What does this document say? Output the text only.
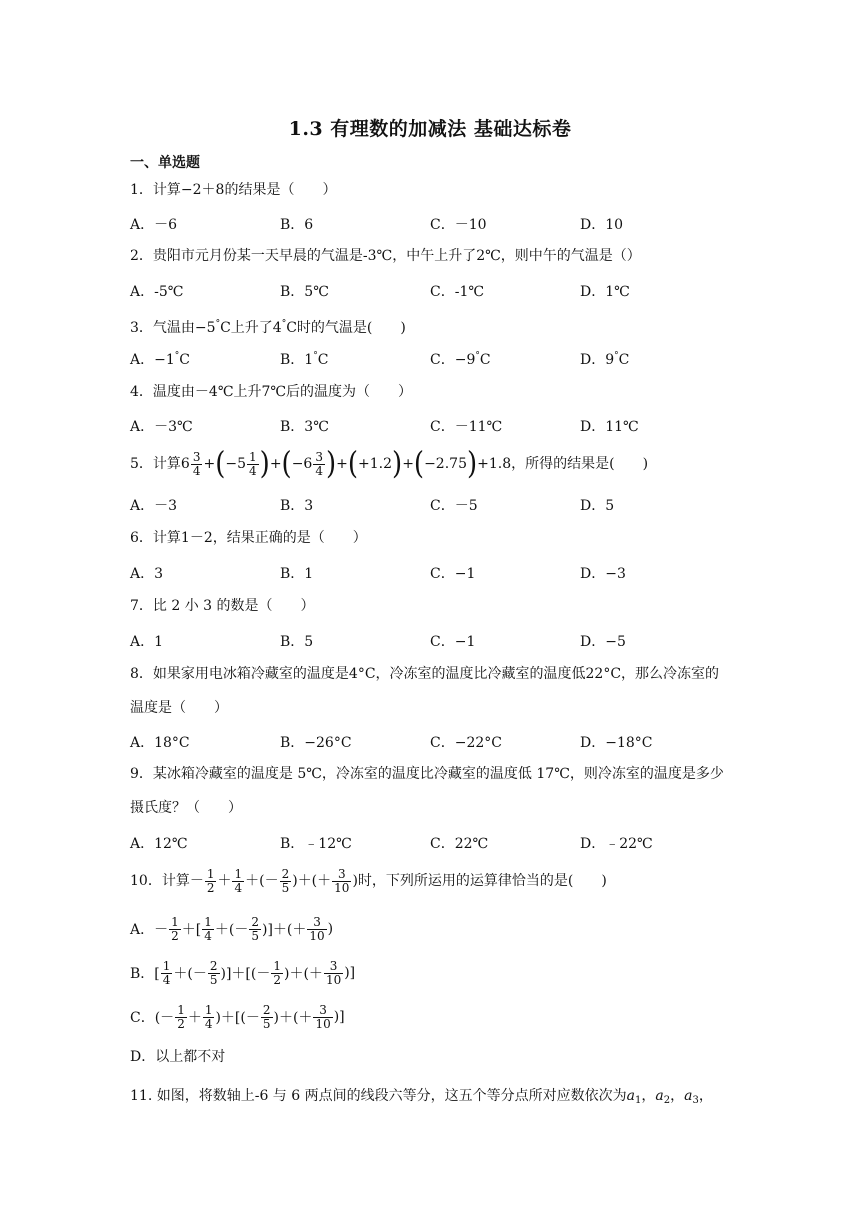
1.3 有理数的加减法 基础达标卷
一、单选题
1．计算−2＋8的结果是（　　）
A．－6	B．6	C．－10	D．10
2．贵阳市元月份某一天早晨的气温是-3℃，中午上升了2℃，则中午的气温是（）
A．-5℃	B．5℃	C．-1℃	D．1℃
3．气温由−5°C上升了4°C时的气温是(　　)
A．−1°C	B．1°C	C．−9°C	D．9°C
4．温度由－4℃上升7℃后的温度为（　　）
A．－3℃	B．3℃	C．－11℃	D．11℃
5．计算 $6 \frac{3}{4}$ + ( $-5 \frac{1}{4}$ ) + ( $-6 \frac{3}{4}$ ) + ( +1.2 ) + ( −2.75 ) +1.8 ，所得的结果是(　　)
A．－3	B．3	C．－5	D．5
6．计算1－2，结果正确的是（　　）
A．3	B．1	C．−1	D．−3
7．比 2 小 3 的数是（　　）
A．1	B．5	C．−1	D．−5
8．如果家用电冰箱冷藏室的温度是4°C，冷冻室的温度比冷藏室的温度低22°C，那么冷冻室的温度是（　　）
A．18°C	B．−26°C	C．−22°C	D．−18°C
9．某冰箱冷藏室的温度是 5℃，冷冻室的温度比冷藏室的温度低 17℃，则冷冻室的温度是多少摄氏度？（　　）
A．12℃	B．﹣12℃	C．22℃	D．﹣22℃
10．计算 － $\frac{1}{2} + \frac{1}{4}$ ＋(－ $\frac{2}{5}$ ) ＋(＋ $\frac{3}{10}$ ) 时，下列所运用的运算律恰当的是(　　)
A．－ $\frac{1}{2}$ ＋[ $\frac{1}{4}$ ＋(－ $\frac{2}{5}$ )]＋(＋ $\frac{3}{10}$ )
B．[ $\frac{1}{4}$ ＋(－ $\frac{2}{5}$ )]＋[(－ $\frac{1}{2}$ )＋(＋ $\frac{3}{10}$ )]
C．(－ $\frac{1}{2} + \frac{1}{4}$ )＋[(－ $\frac{2}{5}$ )＋(＋ $\frac{3}{10}$ )]
D．以上都不对
11. 如图，将数轴上-6 与 6 两点间的线段六等分，这五个等分点所对应数依次为$a_1$，$a_2$，$a_3$，
